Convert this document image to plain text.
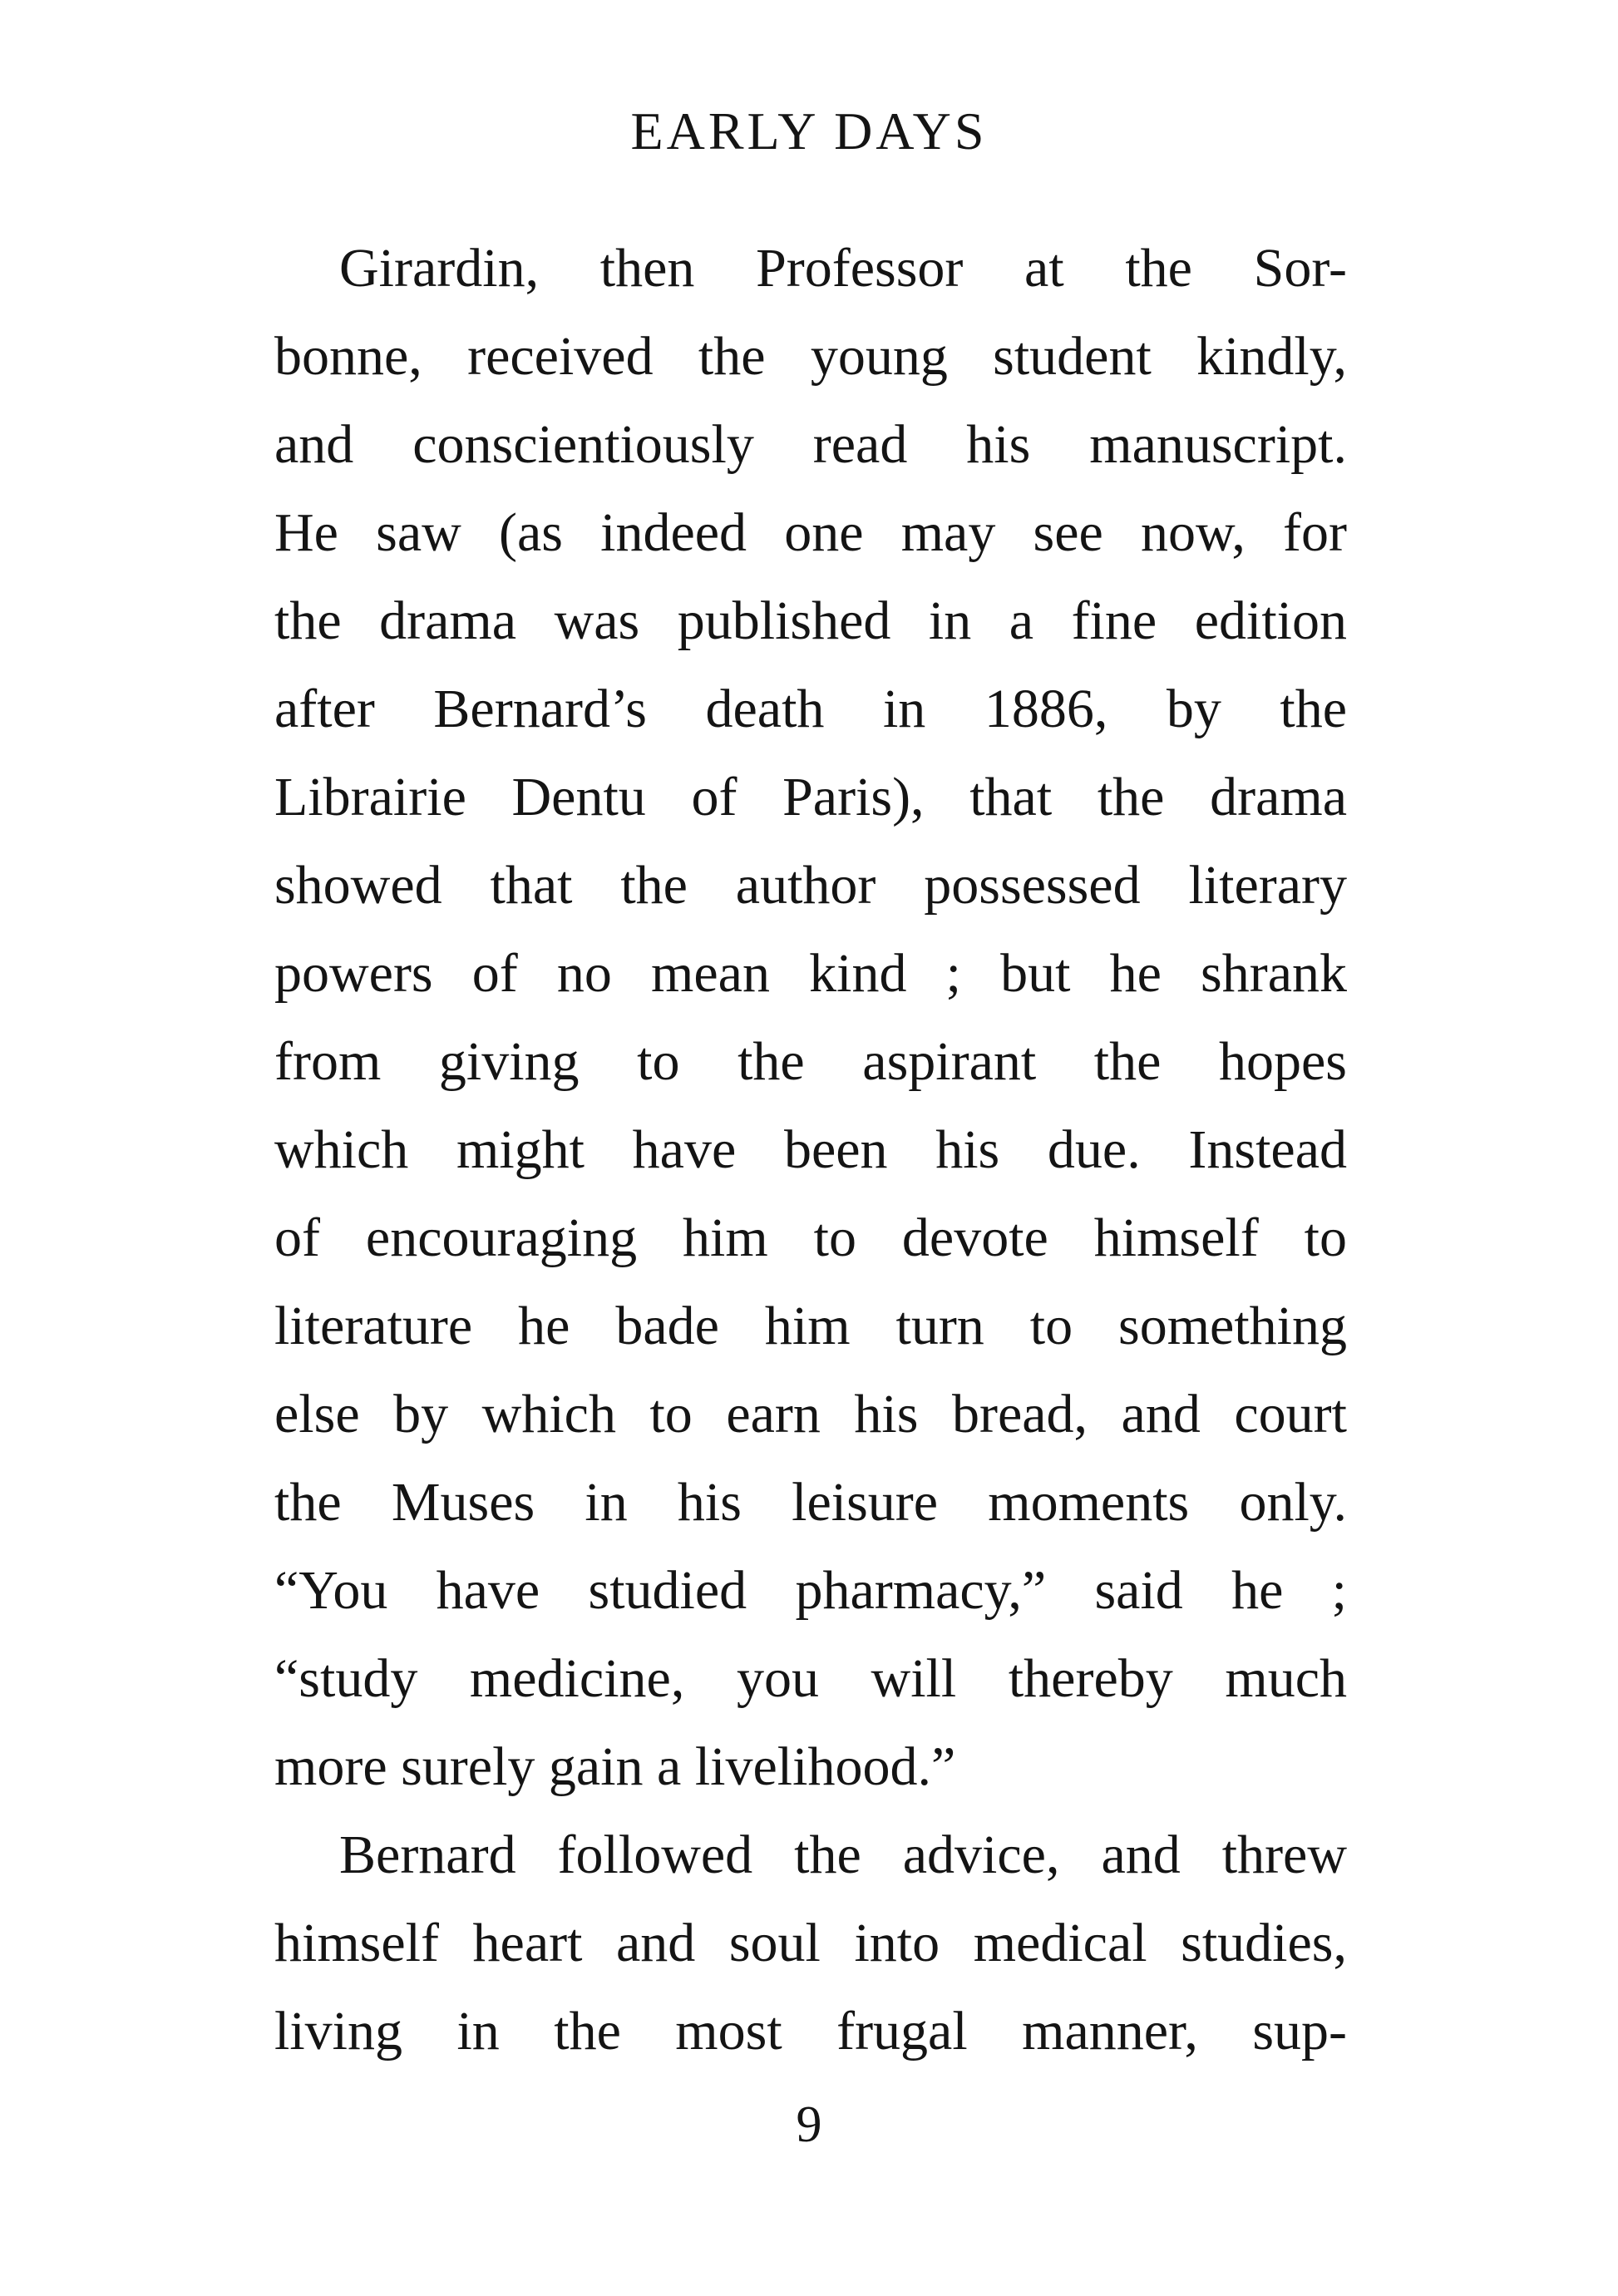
EARLY DAYS
Girardin, then Professor at the Sor-
bonne, received the young student kindly,
and conscientiously read his manuscript.
He saw (as indeed one may see now, for
the drama was published in a fine edition
after Bernard’s death in 1886, by the
Librairie Dentu of Paris), that the drama
showed that the author possessed literary
powers of no mean kind ; but he shrank
from giving to the aspirant the hopes
which might have been his due. Instead
of encouraging him to devote himself to
literature he bade him turn to something
else by which to earn his bread, and court
the Muses in his leisure moments only.
“You have studied pharmacy,” said he ;
“study medicine, you will thereby much
more surely gain a livelihood.”
Bernard followed the advice, and threw
himself heart and soul into medical studies,
living in the most frugal manner, sup-
9
